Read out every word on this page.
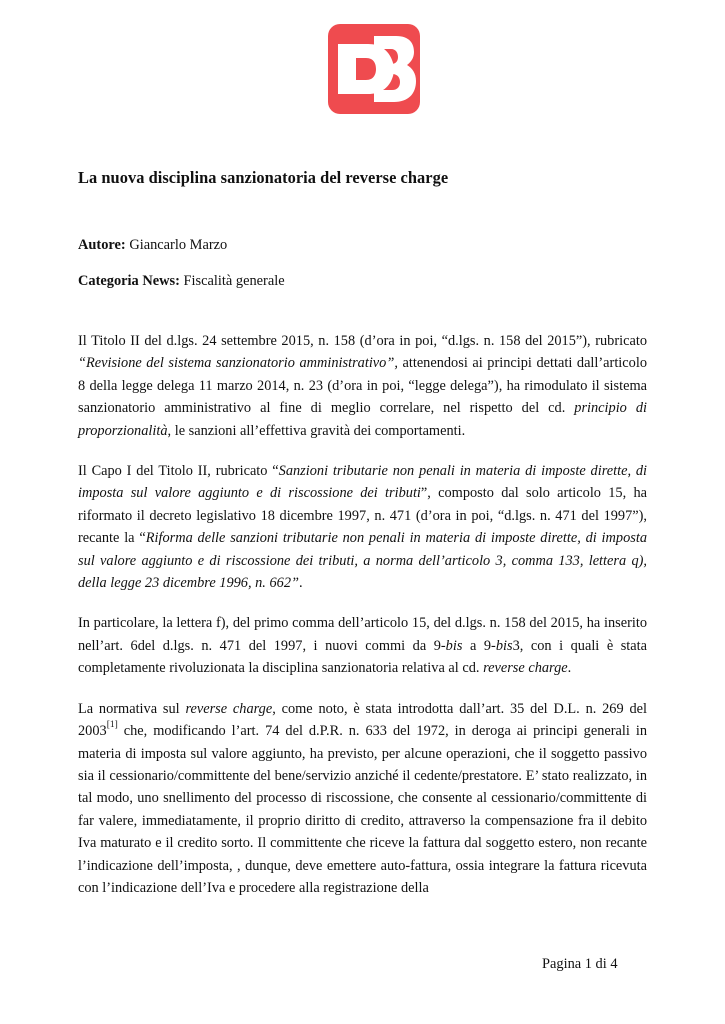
La nuova disciplina sanzionatoria del reverse charge

Autore: Giancarlo Marzo

Categoria News: Fiscalità generale

Il Titolo II del d.lgs. 24 settembre 2015, n. 158 (d’ora in poi, “d.lgs. n. 158 del 2015”), rubricato “Revisione del sistema sanzionatorio amministrativo”, attenendosi ai principi dettati dall’articolo 8 della legge delega 11 marzo 2014, n. 23 (d’ora in poi, “legge delega”), ha rimodulato il sistema sanzionatorio amministrativo al fine di meglio correlare, nel rispetto del cd. principio di proporzionalità, le sanzioni all’effettiva gravità dei comportamenti.

Il Capo I del Titolo II, rubricato “Sanzioni tributarie non penali in materia di imposte dirette, di imposta sul valore aggiunto e di riscossione dei tributi”, composto dal solo articolo 15, ha riformato il decreto legislativo 18 dicembre 1997, n. 471 (d’ora in poi, “d.lgs. n. 471 del 1997”), recante la “Riforma delle sanzioni tributarie non penali in materia di imposte dirette, di imposta sul valore aggiunto e di riscossione dei tributi, a norma dell’articolo 3, comma 133, lettera q), della legge 23 dicembre 1996, n. 662”.

In particolare, la lettera f), del primo comma dell’articolo 15, del d.lgs. n. 158 del 2015, ha inserito nell’art. 6del d.lgs. n. 471 del 1997, i nuovi commi da 9-bis a 9-bis3, con i quali è stata completamente rivoluzionata la disciplina sanzionatoria relativa al cd. reverse charge.

La normativa sul reverse charge, come noto, è stata introdotta dall’art. 35 del D.L. n. 269 del 2003[1] che, modificando l’art. 74 del d.P.R. n. 633 del 1972, in deroga ai principi generali in materia di imposta sul valore aggiunto, ha previsto, per alcune operazioni, che il soggetto passivo sia il cessionario/committente del bene/servizio anziché il cedente/prestatore. E’ stato realizzato, in tal modo, uno snellimento del processo di riscossione, che consente al cessionario/committente di far valere, immediatamente, il proprio diritto di credito, attraverso la compensazione fra il debito Iva maturato e il credito sorto. Il committente che riceve la fattura dal soggetto estero, non recante l’indicazione dell’imposta, , dunque, deve emettere auto-fattura, ossia integrare la fattura ricevuta con l’indicazione dell’Iva e procedere alla registrazione della

Pagina 1 di 4
